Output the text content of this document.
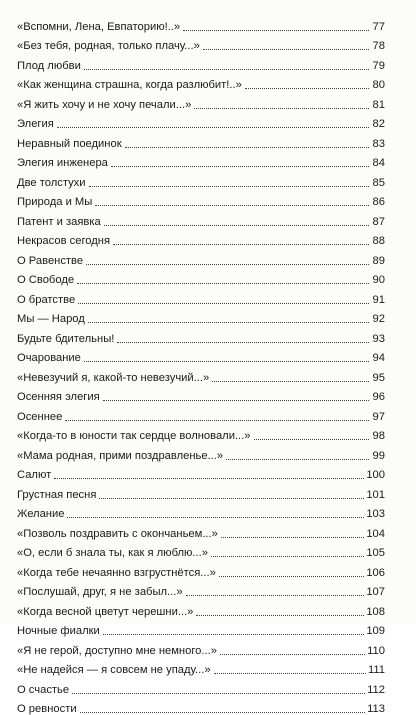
«Вспомни, Лена, Евпаторию!..»	77
«Без тебя, родная, только плачу...»	78
Плод любви	79
«Как женщина страшна, когда разлюбит!..»	80
«Я жить хочу и не хочу печали...»	81
Элегия	82
Неравный поединок	83
Элегия инженера	84
Две толстухи	85
Природа и Мы	86
Патент и заявка	87
Некрасов сегодня	88
О Равенстве	89
О Свободе	90
О братстве	91
Мы — Народ	92
Будьте бдительны!	93
Очарование	94
«Невезучий я, какой-то невезучий...»	95
Осенняя элегия	96
Осеннее	97
«Когда-то в юности так сердце волновали...»	98
«Мама родная, прими поздравленье...»	99
Салют	100
Грустная песня	101
Желание	103
«Позволь поздравить с окончаньем...»	104
«О, если б знала ты, как я люблю...»	105
«Когда тебе нечаянно взгрустнётся...»	106
«Послушай, друг, я не забыл...»	107
«Когда весной цветут черешни...»	108
Ночные фиалки	109
«Я не герой, доступно мне немного...»	110
«Не надейся — я совсем не упаду...»	111
О счастье	112
О ревности	113
